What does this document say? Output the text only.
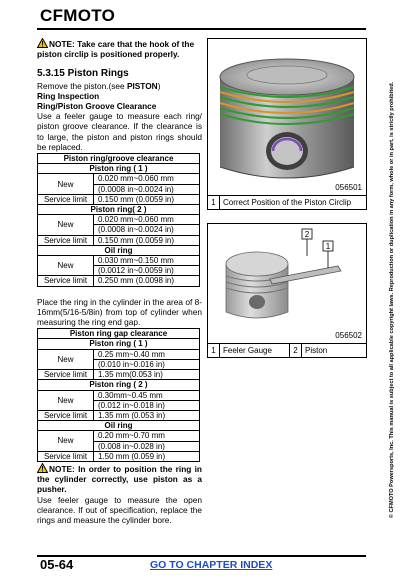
CFMOTO
NOTE: Take care that the hook of the piston circlip is positioned properly.
5.3.15 Piston Rings
Remove the piston.(see PISTON)
Ring Inspection
Ring/Piston Groove Clearance
Use a feeler gauge to measure each ring/ piston groove clearance. If the clearance is to large, the piston and piston rings should be replaced.
Piston ring/groove clearance	
Piston ring ( 1 )	
New	0.020 mm~0.060 mm
	(0.0008 in~0.0024 in)
Service limit	0.150 mm (0.0059 in)
Piston ring( 2 )	
New	0.020 mm~0.060 mm
	(0.0008 in~0.0024 in)
Service limit	0.150 mm (0.0059 in)
Oil ring	
New	0.030 mm~0.150 mm
	(0.0012 in~0.0059 in)
Service limit	0.250 mm (0.0098 in)
Place the ring in the cylinder in the area of 8-16mm(5/16-5/8in) from top of cylinder when measuring the ring end gap.
Piston ring gap clearance	
Piston ring ( 1 )	
New	0.25 mm~0.40 mm
	(0.010 in~0.016 in)
Service limit	1.35 mm(0.053 in)
Piston ring ( 2 )	
New	0.30mm~0.45 mm
	(0.012 in~0.018 in)
Service limit	1.35 mm (0.053 in)
Oil ring	
New	0.20 mm~0.70 mm
	(0.008 in~0.028 in)
Service limit	1.50 mm (0.059 in)
NOTE: In order to position the ring in the cylinder correctly, use piston as a pusher.
Use feeler gauge to measure the open clearance. If out of specification, replace the rings and measure the cylinder bore.
056501
1 Correct Position of the Piston Circlip
1
2
056502
1 Feeler Gauge	2 Piston	© CFMOTO Powersports, Inc. This manual is subject to all applicable copyright laws. Reproduction or duplication in any form, whole or in part, is strictly prohibited.
05-64	GO TO CHAPTER INDEX
